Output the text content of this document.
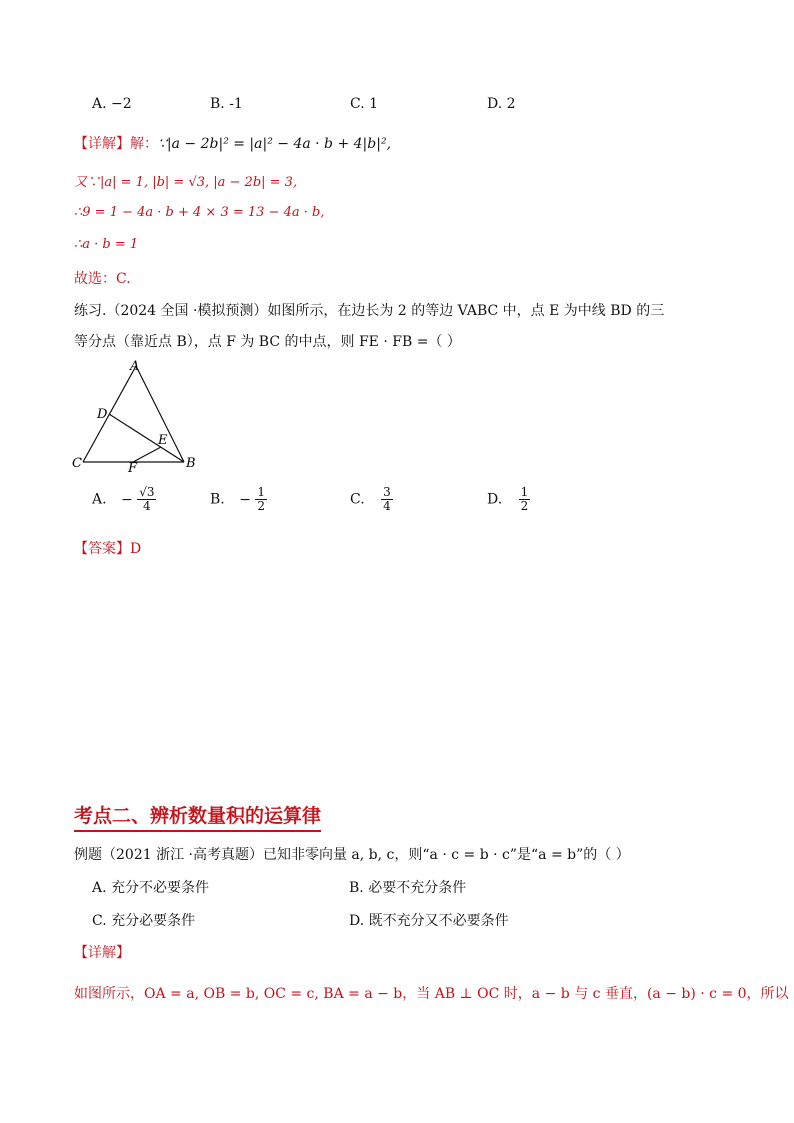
A. −2	B. -1	C. 1	D. 2
【详解】解：∵|a − 2b|² = |a|² − 4a · b + 4|b|²,
又∵|a| = 1, |b| = √3, |a − 2b| = 3,
∴9 = 1 − 4a · b + 4 × 3 = 13 − 4a · b,
∴a · b = 1
故选：C.
练习.（2024 全国 ·模拟预测）如图所示，在边长为 2 的等边 VABC 中，点 E 为中线 BD 的三
等分点（靠近点 B），点 F 为 BC 的中点，则 FE · FB =（ ）
A
D
E
C	F	B
A. − $\frac{√3}{4}$	B. − $\frac{1}{2}$	C. $\frac{3}{4}$	D. $\frac{1}{2}$
【答案】D
考点二、辨析数量积的运算律
例题（2021 浙江 ·高考真题）已知非零向量 a, b, c，则“a · c = b · c”是“a = b”的（ ）
A. 充分不必要条件	B. 必要不充分条件
C. 充分必要条件	D. 既不充分又不必要条件
【详解】
如图所示，OA = a, OB = b, OC = c, BA = a − b，当 AB ⊥ OC 时，a − b 与 c 垂直，(a − b) · c = 0，所以
